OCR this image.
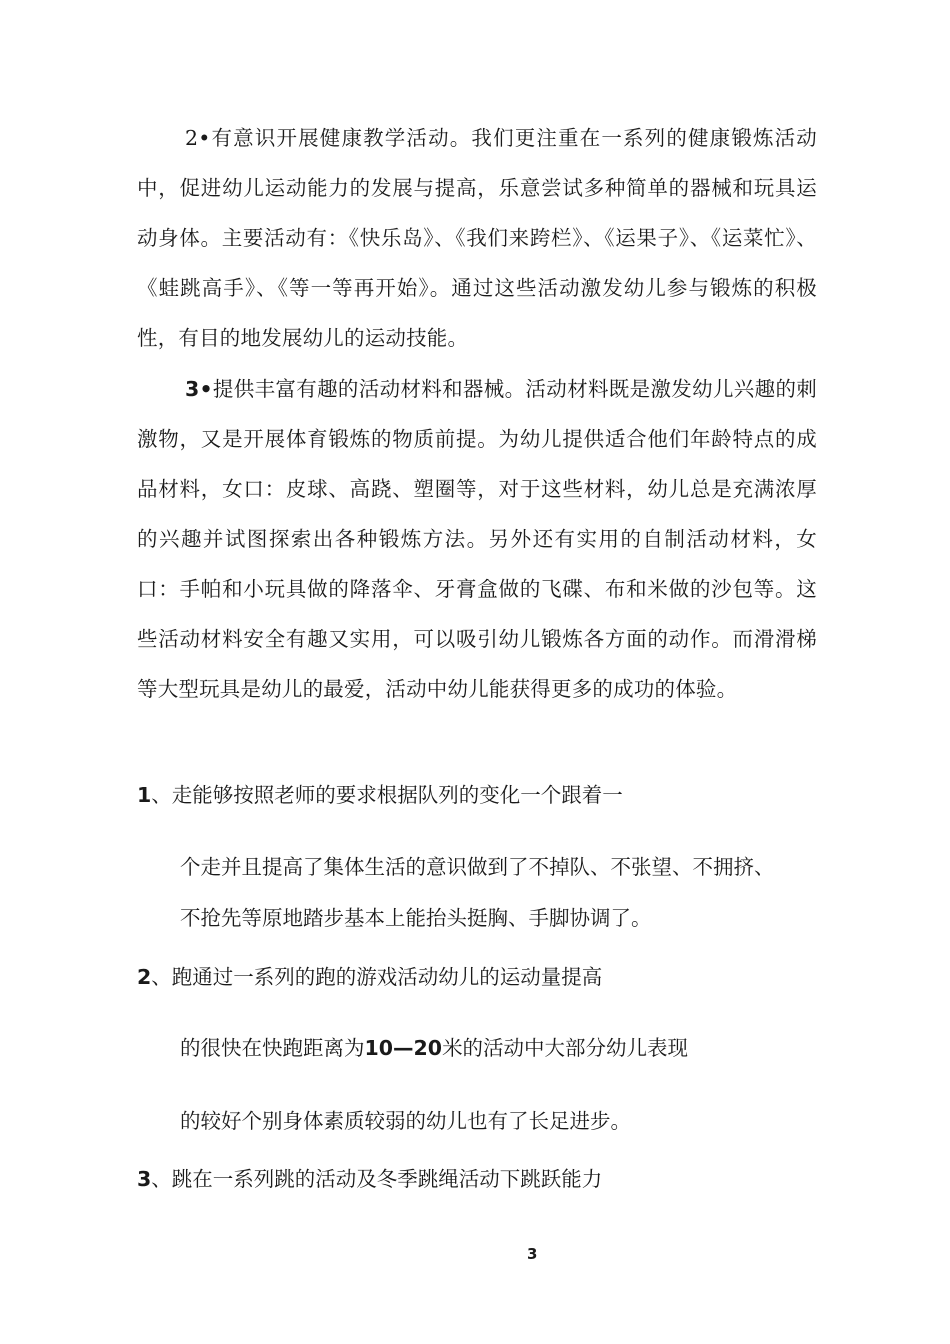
2•有意识开展健康教学活动。我们更注重在一系列的健康锻炼活动中，促进幼儿运动能力的发展与提高，乐意尝试多种简单的器械和玩具运动身体。主要活动有：《快乐岛》、《我们来跨栏》、《运果子》、《运菜忙》、《蛙跳高手》、《等一等再开始》。通过这些活动激发幼儿参与锻炼的积极性，有目的地发展幼儿的运动技能。

3•提供丰富有趣的活动材料和器械。活动材料既是激发幼儿兴趣的刺激物，又是开展体育锻炼的物质前提。为幼儿提供适合他们年龄特点的成品材料，女口：皮球、高跷、塑圈等，对于这些材料，幼儿总是充满浓厚的兴趣并试图探索出各种锻炼方法。另外还有实用的自制活动材料，女口：手帕和小玩具做的降落伞、牙膏盒做的飞碟、布和米做的沙包等。这些活动材料安全有趣又实用，可以吸引幼儿锻炼各方面的动作。而滑滑梯等大型玩具是幼儿的最爱，活动中幼儿能获得更多的成功的体验。

1、走能够按照老师的要求根据队列的变化一个跟着一

个走并且提高了集体生活的意识做到了不掉队、不张望、不拥挤、

不抢先等原地踏步基本上能抬头挺胸、手脚协调了。

2、跑通过一系列的跑的游戏活动幼儿的运动量提高

的很快在快跑距离为10—20米的活动中大部分幼儿表现

的较好个别身体素质较弱的幼儿也有了长足进步。

3、跳在一系列跳的活动及冬季跳绳活动下跳跃能力

3
